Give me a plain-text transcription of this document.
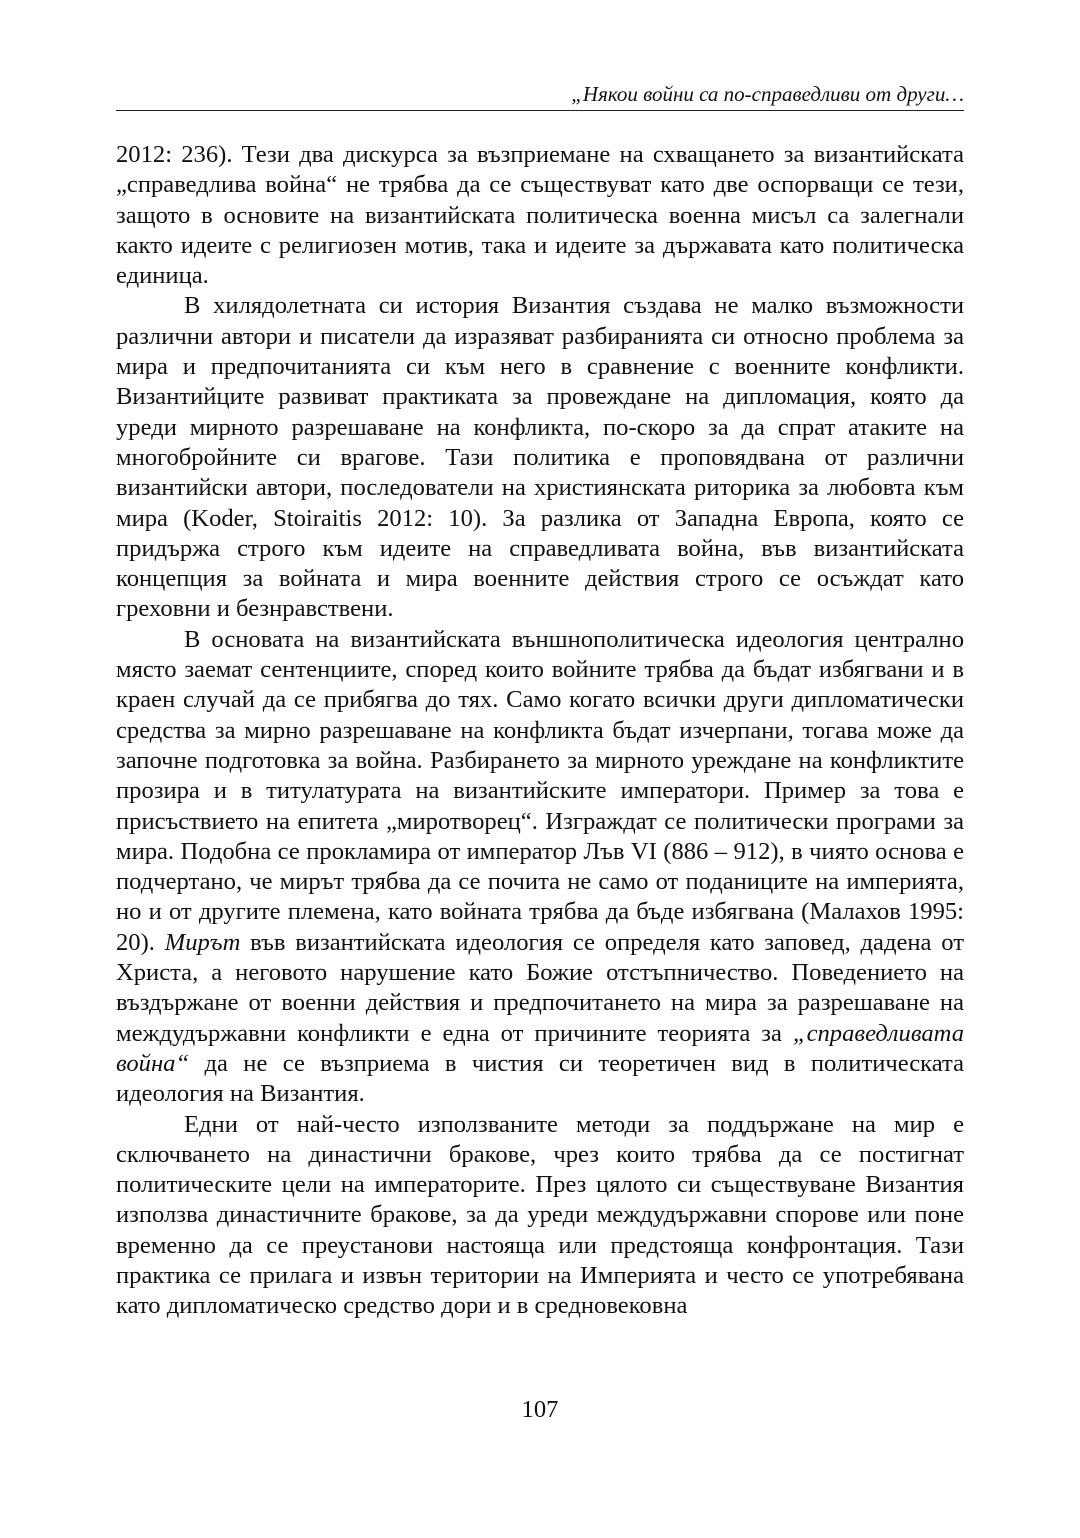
„Някои войни са по-справедливи от други…

2012: 236). Тези два дискурса за възприемане на схващането за византийската „справедлива война“ не трябва да се съществуват като две оспорващи се тези, защото в основите на византийската политическа военна мисъл са залегнали както идеите с религиозен мотив, така и идеите за държавата като политическа единица.

В хилядолетната си история Византия създава не малко възможности различни автори и писатели да изразяват разбиранията си относно проблема за мира и предпочитанията си към него в сравнение с военните конфликти. Византийците развиват практиката за провеждане на дипломация, която да уреди мирното разрешаване на конфликта, по-скоро за да спрат атаките на многобройните си врагове. Тази политика е проповядвана от различни византийски автори, последователи на християнската риторика за любовта към мира (Koder, Stoiraitis 2012: 10). За разлика от Западна Европа, която се придържа строго към идеите на справедливата война, във византийската концепция за войната и мира военните действия строго се осъждат като греховни и безнравствени.

В основата на византийската външнополитическа идеология централно място заемат сентенциите, според които войните трябва да бъдат избягвани и в краен случай да се прибягва до тях. Само когато всички други дипломатически средства за мирно разрешаване на конфликта бъдат изчерпани, тогава може да започне подготовка за война. Разбирането за мирното уреждане на конфликтите прозира и в титулатурата на византийските императори. Пример за това е присъствието на епитета „миротворец“. Изграждат се политически програми за мира. Подобна се прокламира от император Лъв VI (886 – 912), в чиято основа е подчертано, че мирът трябва да се почита не само от поданиците на империята, но и от другите племена, като войната трябва да бъде избягвана (Малахов 1995: 20). Мирът във византийската идеология се определя като заповед, дадена от Христа, а неговото нарушение като Божие отстъпничество. Поведението на въздържане от военни действия и предпочитането на мира за разрешаване на междудържавни конфликти е една от причините теорията за „справедливата война“ да не се възприема в чистия си теоретичен вид в политическата идеология на Византия.

Едни от най-често използваните методи за поддържане на мир е сключването на династични бракове, чрез които трябва да се постигнат политическите цели на императорите. През цялото си съществуване Византия използва династичните бракове, за да уреди междудържавни спорове или поне временно да се преустанови настояща или предстояща конфронтация. Тази практика се прилага и извън територии на Империята и често се употребявана като дипломатическо средство дори и в средновековна

107
